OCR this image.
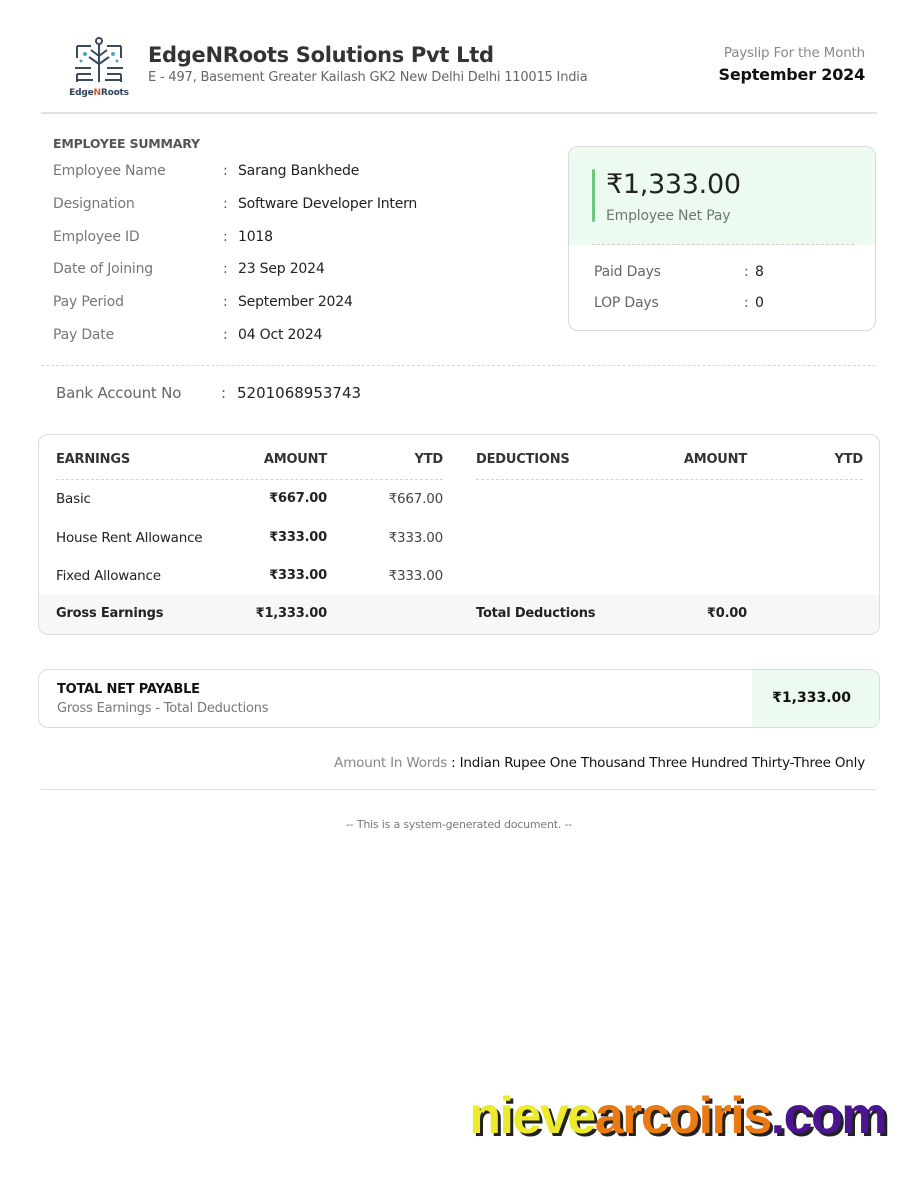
EdgeNRoots
EdgeNRoots Solutions Pvt Ltd
E - 497, Basement Greater Kailash GK2 New Delhi Delhi 110015 India
Payslip For the Month
September 2024
EMPLOYEE SUMMARY
Employee Name	: Sarang Bankhede
Designation	: Software Developer Intern
Employee ID	: 1018
Date of Joining	: 23 Sep 2024
Pay Period	: September 2024
Pay Date	: 04 Oct 2024
₹1,333.00
Employee Net Pay
Paid Days	: 8
LOP Days	: 0
Bank Account No	: 5201068953743
EARNINGS	AMOUNT	YTD
Basic	₹667.00	₹667.00
House Rent Allowance	₹333.00	₹333.00
Fixed Allowance	₹333.00	₹333.00
Gross Earnings	₹1,333.00
DEDUCTIONS	AMOUNT	YTD
Total Deductions	₹0.00
TOTAL NET PAYABLE
Gross Earnings - Total Deductions
₹1,333.00
Amount In Words : Indian Rupee One Thousand Three Hundred Thirty-Three Only
-- This is a system-generated document. --
nievearcoiris.com
